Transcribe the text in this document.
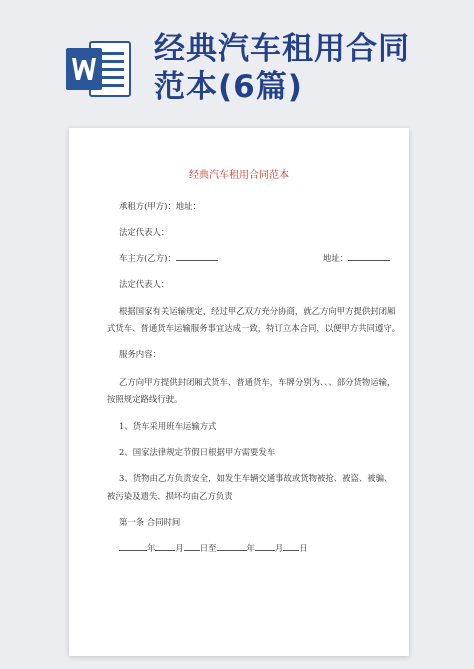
经典汽车租用合同
范本(6篇)
经典汽车租用合同范本
承租方(甲方)：地址：
法定代表人：
车主方(乙方)：	地址：
法定代表人：
根据国家有关运输规定，经过甲乙双方充分协商，就乙方向甲方提供封闭厢
式货车、普通货车运输服务事宜达成一致，特订立本合同，以便甲方共同遵守。
服务内容：
乙方向甲方提供封闭厢式货车、普通货车，车牌分别为、、、部分货物运输，
按照规定路线行驶。
1、货车采用班车运输方式
2、国家法律规定节假日根据甲方需要发车
3、货物由乙方负责安全，如发生车辆交通事故或货物被抢、被盗、被骗、
被污染及遗失、损坏均由乙方负责
第一条 合同时间
年 月 日至	年 月 日
